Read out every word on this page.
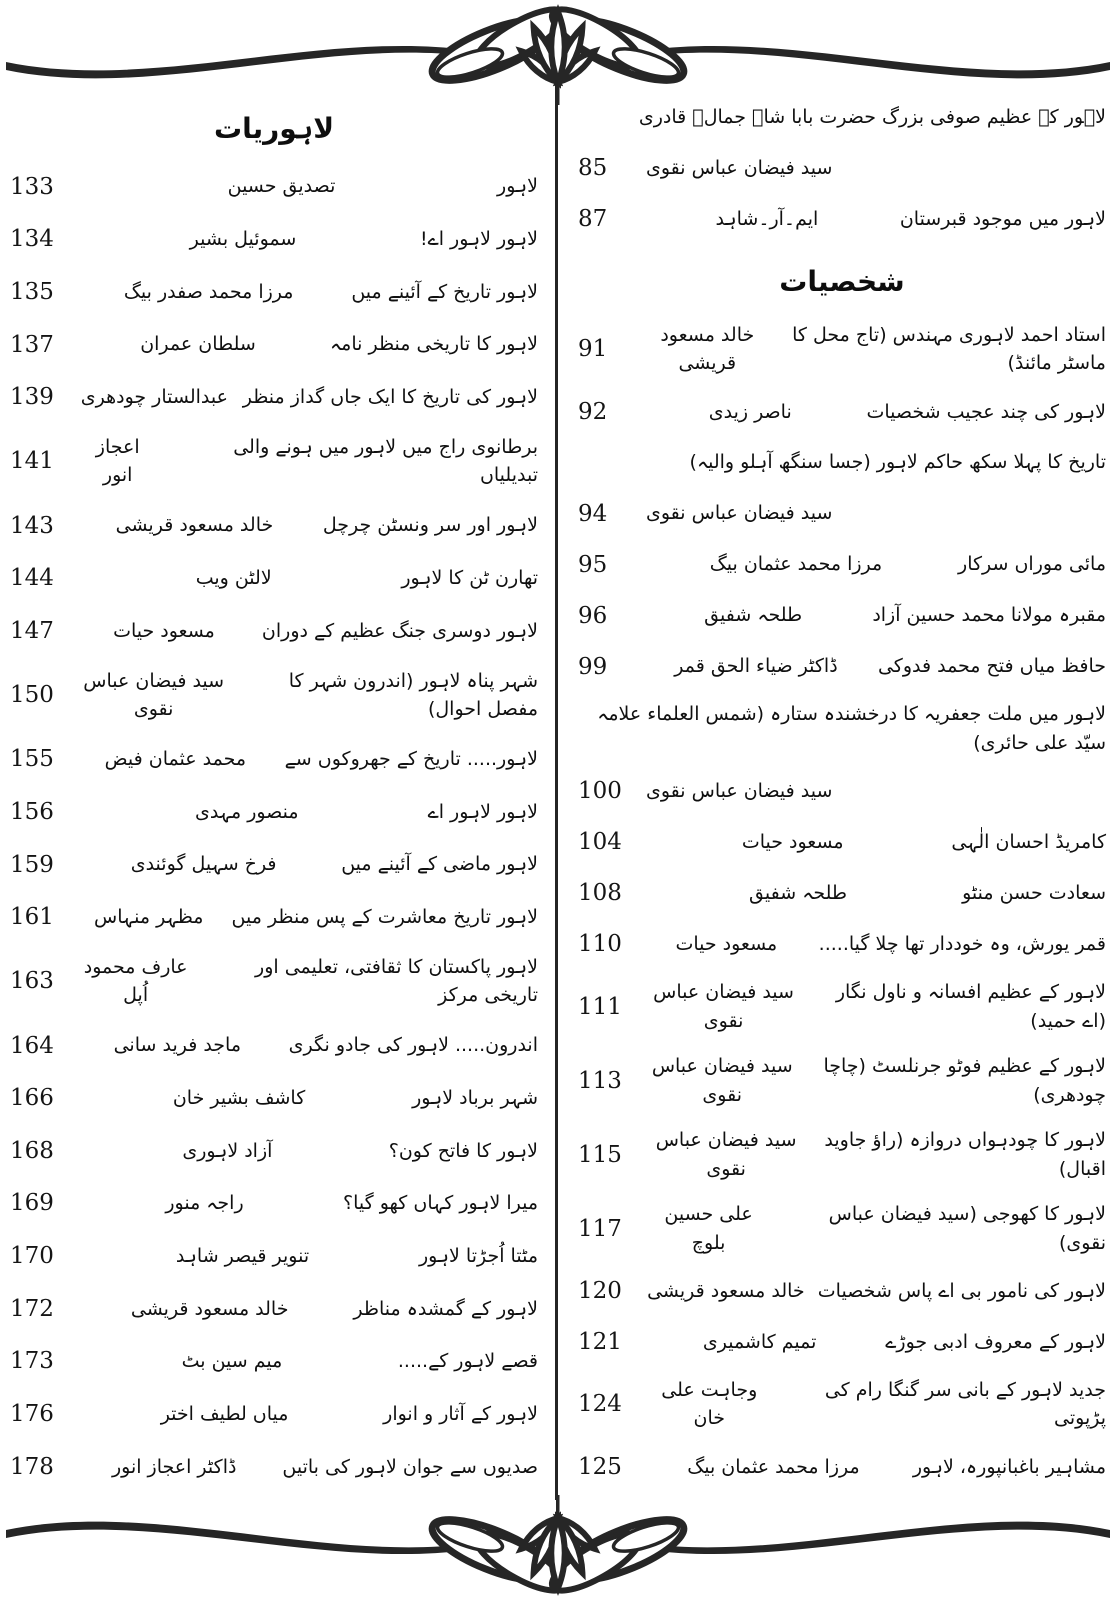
لاہور کے عظیم صوفی بزرگ حضرت بابا شاہ جمالؒ قادری
سید فیضان عباس نقوی
85
لاہور میں موجود قبرستان
ایم۔آر۔شاہد
87
شخصیات
استاد احمد لاہوری مہندس (تاج محل کا ماسٹر مائنڈ)
خالد مسعود قریشی
91
لاہور کی چند عجیب شخصیات
ناصر زیدی
92
تاریخ کا پہلا سکھ حاکم لاہور (جسا سنگھ آہلو والیہ)
سید فیضان عباس نقوی
94
مائی موراں سرکار
مرزا محمد عثمان بیگ
95
مقبرہ مولانا محمد حسین آزاد
طلحہ شفیق
96
حافظ میاں فتح محمد فدوکی
ڈاکٹر ضیاء الحق قمر
99
لاہور میں ملت جعفریہ کا درخشندہ ستارہ (شمس العلماء علامہ سیّد علی حائری)
سید فیضان عباس نقوی
100
کامریڈ احسان الٰہی
مسعود حیات
104
سعادت حسن منٹو
طلحہ شفیق
108
قمر یورش، وہ خوددار تھا چلا گیا.....
مسعود حیات
110
لاہور کے عظیم افسانہ و ناول نگار (اے حمید)
سید فیضان عباس نقوی
111
لاہور کے عظیم فوٹو جرنلسٹ (چاچا چودھری)
سید فیضان عباس نقوی
113
لاہور کا چودہواں دروازہ (راؤ جاوید اقبال)
سید فیضان عباس نقوی
115
لاہور کا کھوجی (سید فیضان عباس نقوی)
علی حسین بلوچ
117
لاہور کی نامور بی اے پاس شخصیات
خالد مسعود قریشی
120
لاہور کے معروف ادبی جوڑے
تمیم کاشمیری
121
جدید لاہور کے بانی سر گنگا رام کی پڑپوتی
وجاہت علی خان
124
مشاہیر باغبانپورہ، لاہور
مرزا محمد عثمان بیگ
125
لاہوریات
لاہور
تصدیق حسین
133
لاہور لاہور اے!
سموئیل بشیر
134
لاہور تاریخ کے آئینے میں
مرزا محمد صفدر بیگ
135
لاہور کا تاریخی منظر نامہ
سلطان عمران
137
لاہور کی تاریخ کا ایک جاں گداز منظر
عبدالستار چودھری
139
برطانوی راج میں لاہور میں ہونے والی تبدیلیاں
اعجاز انور
141
لاہور اور سر ونسٹن چرچل
خالد مسعود قریشی
143
تھارن ٹن کا لاہور
لالٹن ویب
144
لاہور دوسری جنگ عظیم کے دوران
مسعود حیات
147
شہر پناہ لاہور (اندرون شہر کا مفصل احوال)
سید فیضان عباس نقوی
150
لاہور..... تاریخ کے جھروکوں سے
محمد عثمان فیض
155
لاہور لاہور اے
منصور مہدی
156
لاہور ماضی کے آئینے میں
فرخ سہیل گوئندی
159
لاہور تاریخ معاشرت کے پس منظر میں
مظہر منہاس
161
لاہور پاکستان کا ثقافتی، تعلیمی اور تاریخی مرکز
عارف محمود اُپل
163
اندرون..... لاہور کی جادو نگری
ماجد فرید سانی
164
شہر برباد لاہور
کاشف بشیر خان
166
لاہور کا فاتح کون؟
آزاد لاہوری
168
میرا لاہور کہاں کھو گیا؟
راجہ منور
169
مٹتا اُجڑتا لاہور
تنویر قیصر شاہد
170
لاہور کے گمشدہ مناظر
خالد مسعود قریشی
172
قصے لاہور کے.....
میم سین بٹ
173
لاہور کے آثار و انوار
میاں لطیف اختر
176
صدیوں سے جوان لاہور کی باتیں
ڈاکٹر اعجاز انور
178
